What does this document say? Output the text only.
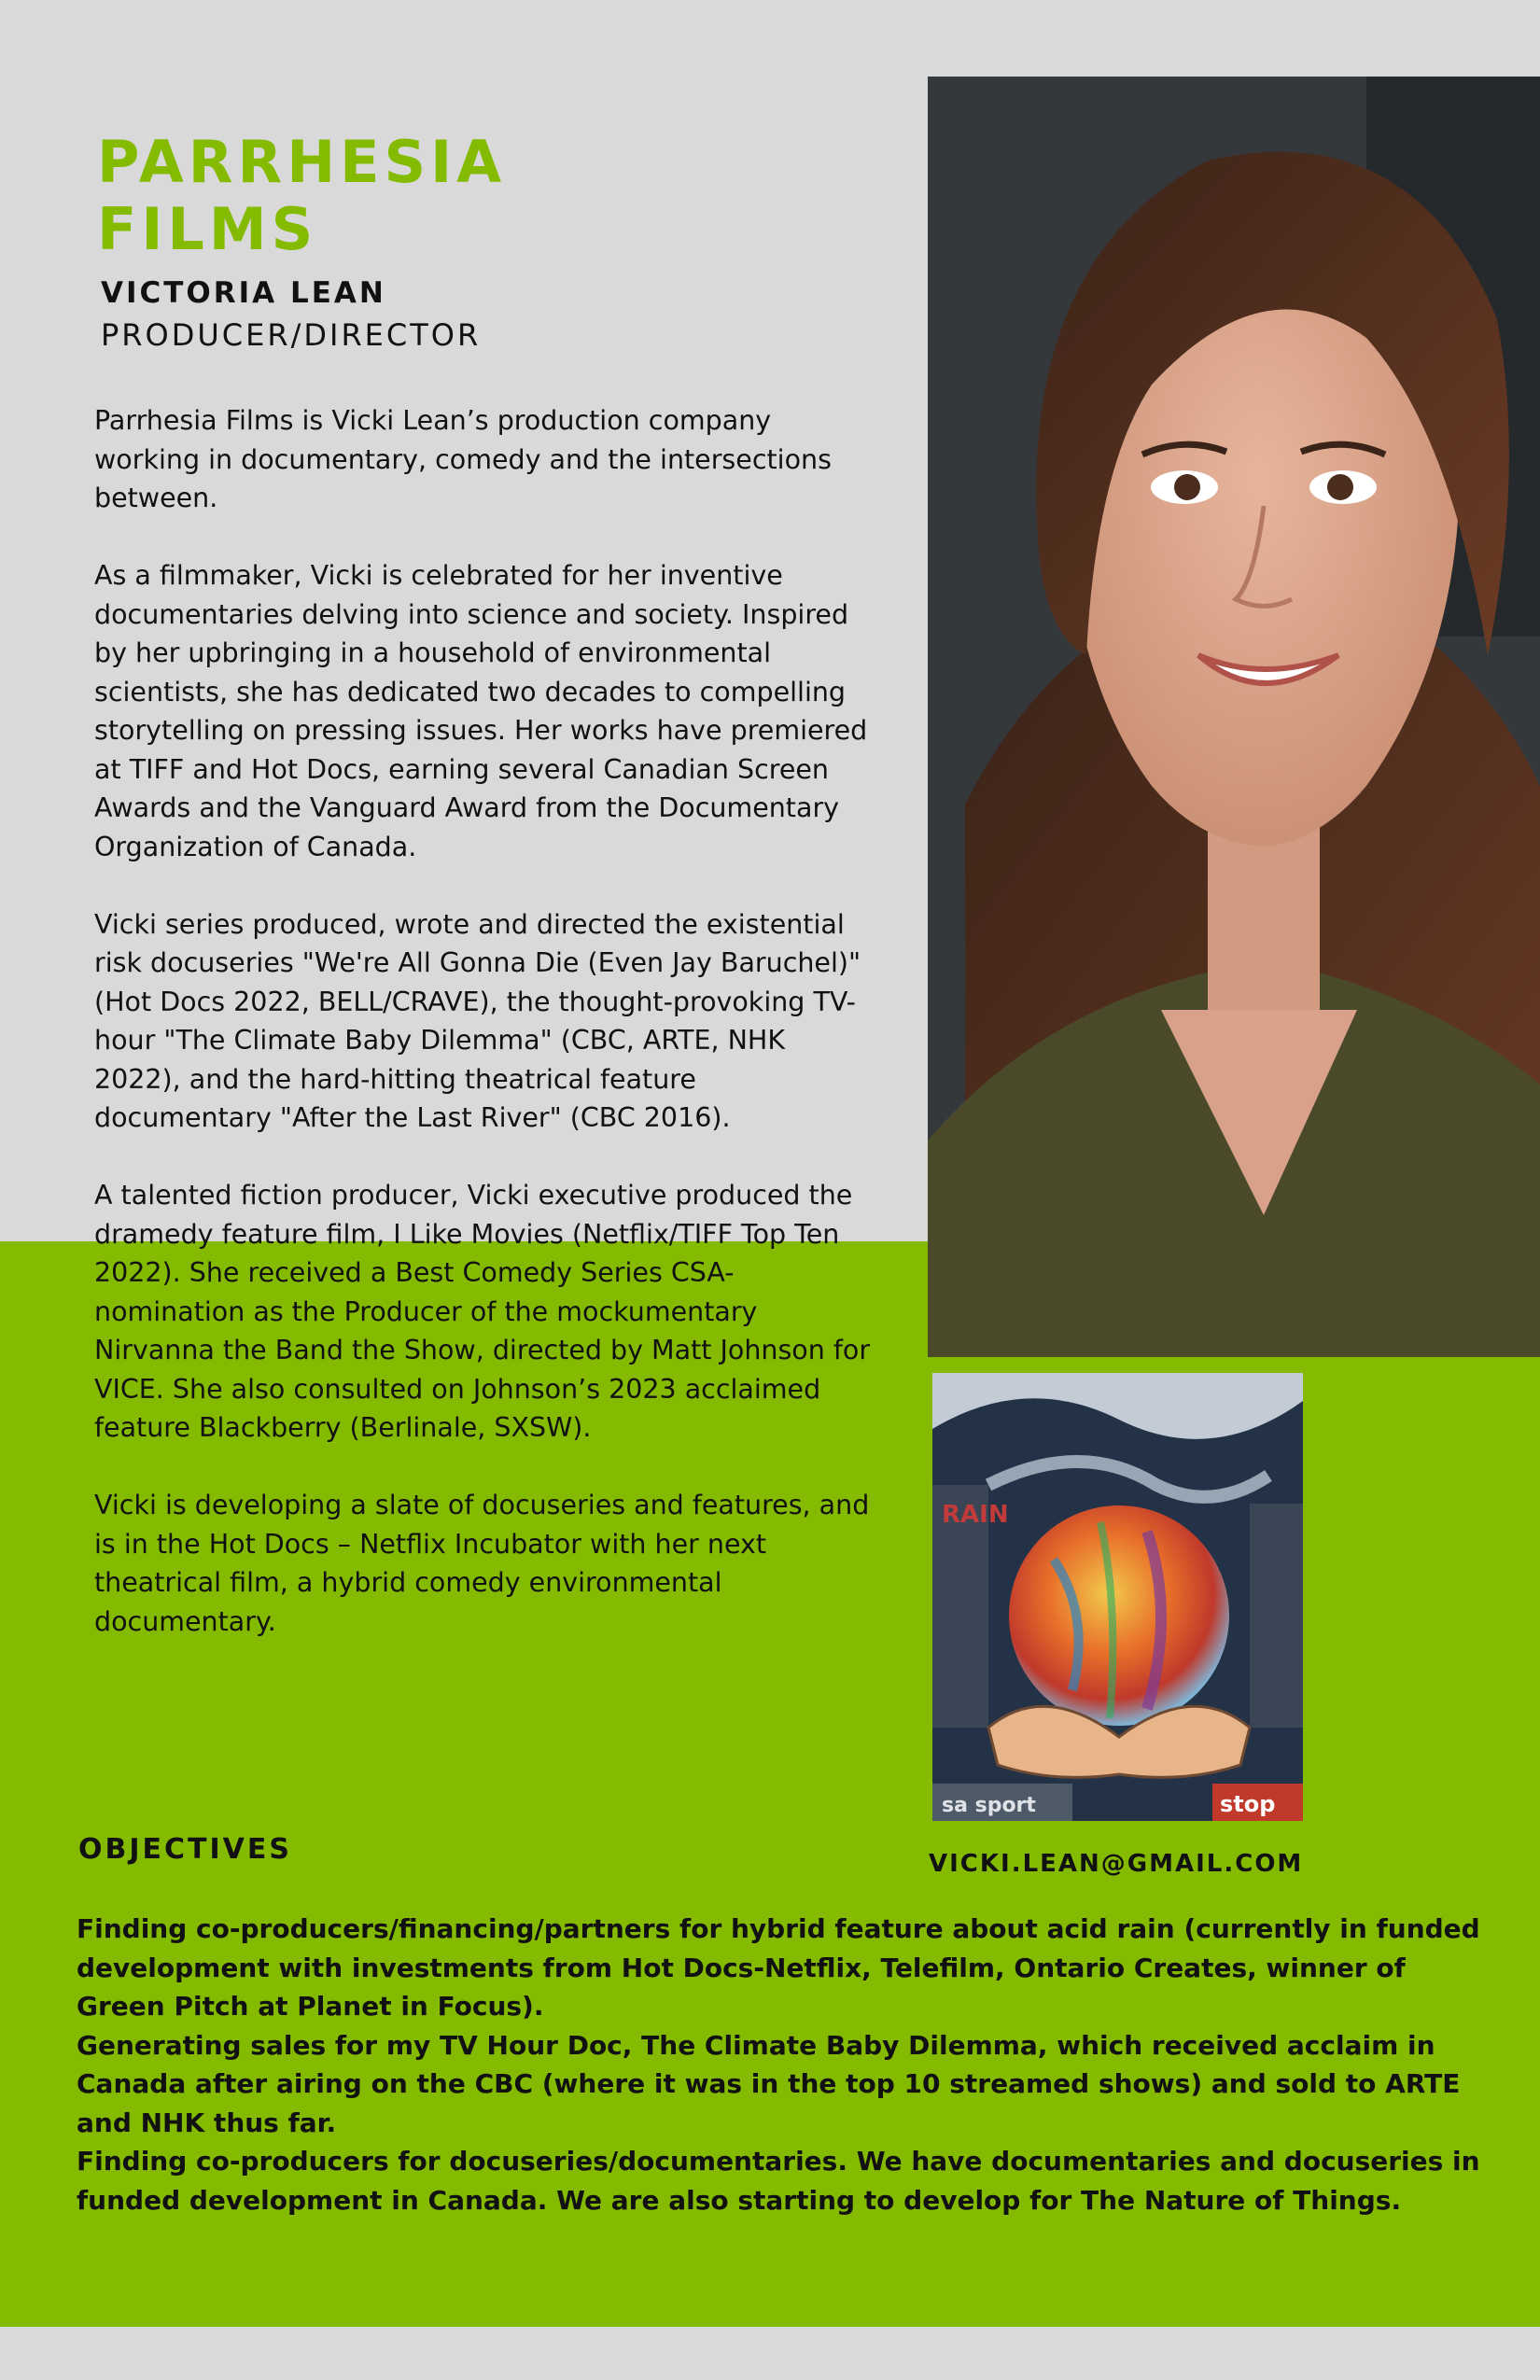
PARRHESIA
FILMS
VICTORIA LEAN
PRODUCER/DIRECTOR

Parrhesia Films is Vicki Lean’s production company working in documentary, comedy and the intersections between.

As a filmmaker, Vicki is celebrated for her inventive documentaries delving into science and society. Inspired by her upbringing in a household of environmental scientists, she has dedicated two decades to compelling storytelling on pressing issues. Her works have premiered at TIFF and Hot Docs, earning several Canadian Screen Awards and the Vanguard Award from the Documentary Organization of Canada.

Vicki series produced, wrote and directed the existential risk docuseries "We're All Gonna Die (Even Jay Baruchel)" (Hot Docs 2022, BELL/CRAVE), the thought-provoking TV-hour "The Climate Baby Dilemma" (CBC, ARTE, NHK 2022), and the hard-hitting theatrical feature documentary "After the Last River" (CBC 2016).

A talented fiction producer, Vicki executive produced the dramedy feature film, I Like Movies (Netflix/TIFF Top Ten 2022). She received a Best Comedy Series CSA-nomination as the Producer of the mockumentary Nirvanna the Band the Show, directed by Matt Johnson for VICE. She also consulted on Johnson’s 2023 acclaimed feature Blackberry (Berlinale, SXSW).

Vicki is developing a slate of docuseries and features, and is in the Hot Docs – Netflix Incubator with her next theatrical film, a hybrid comedy environmental documentary.

RAIN
sa sport	stop
OBJECTIVES	VICKI.LEAN@GMAIL.COM

Finding co-producers/financing/partners for hybrid feature about acid rain (currently in funded development with investments from Hot Docs-Netflix, Telefilm, Ontario Creates, winner of Green Pitch at Planet in Focus).

Generating sales for my TV Hour Doc, The Climate Baby Dilemma, which received acclaim in Canada after airing on the CBC (where it was in the top 10 streamed shows) and sold to ARTE and NHK thus far.

Finding co-producers for docuseries/documentaries. We have documentaries and docuseries in funded development in Canada. We are also starting to develop for The Nature of Things.
